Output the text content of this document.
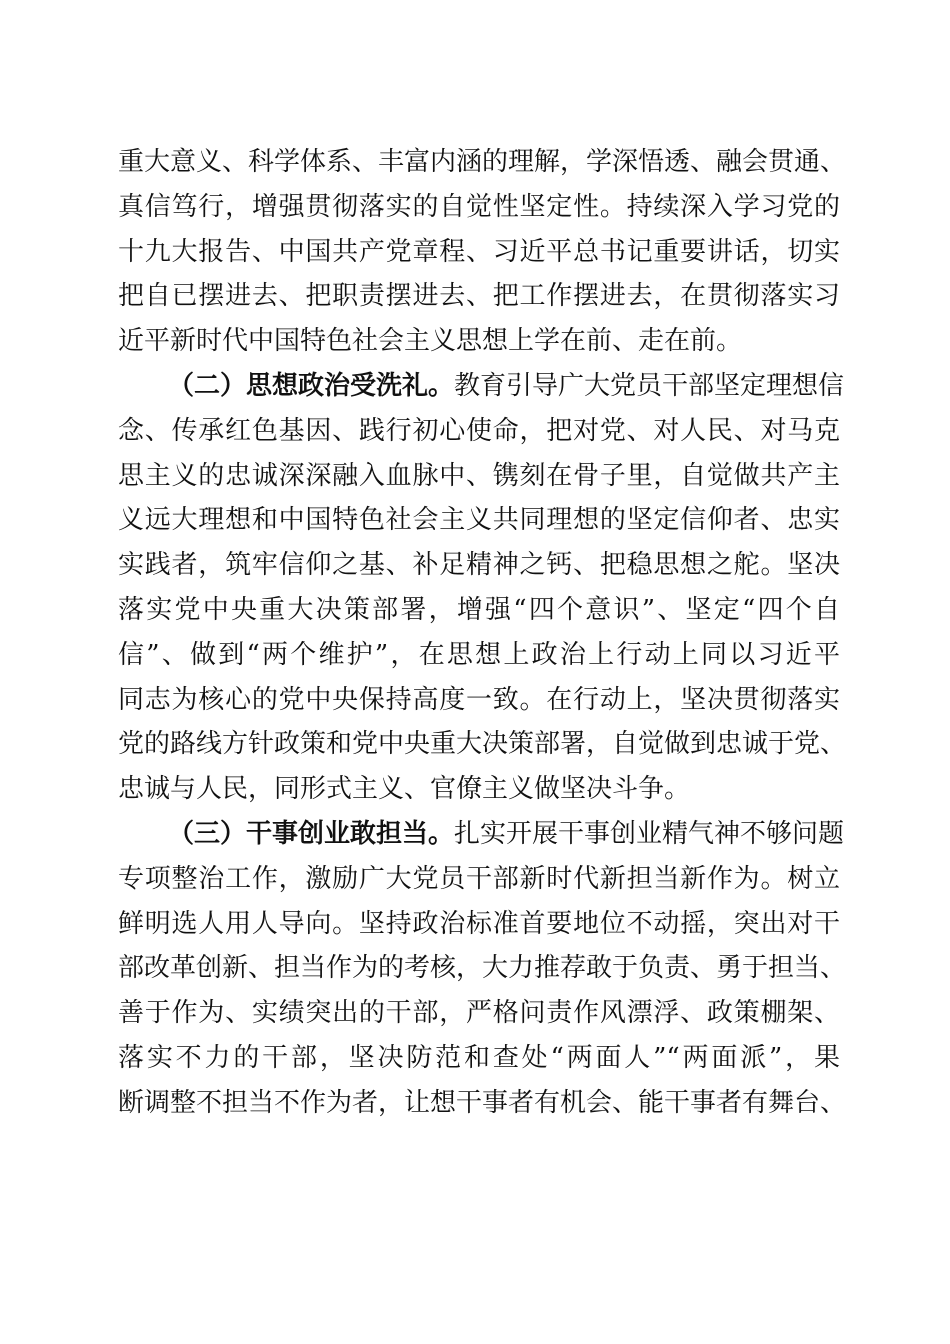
重大意义、科学体系、丰富内涵的理解，学深悟透、融会贯通、
真信笃行，增强贯彻落实的自觉性坚定性。持续深入学习党的
十九大报告、中国共产党章程、习近平总书记重要讲话，切实
把自已摆进去、把职责摆进去、把工作摆进去，在贯彻落实习
近平新时代中国特色社会主义思想上学在前、走在前。
（二）思想政治受洗礼。教育引导广大党员干部坚定理想信
念、传承红色基因、践行初心使命，把对党、对人民、对马克
思主义的忠诚深深融入血脉中、镌刻在骨子里，自觉做共产主
义远大理想和中国特色社会主义共同理想的坚定信仰者、忠实
实践者，筑牢信仰之基、补足精神之钙、把稳思想之舵。坚决
落实党中央重大决策部署，增强“四个意识”、坚定“四个自
信”、做到“两个维护”，在思想上政治上行动上同以习近平
同志为核心的党中央保持高度一致。在行动上，坚决贯彻落实
党的路线方针政策和党中央重大决策部署，自觉做到忠诚于党、
忠诚与人民，同形式主义、官僚主义做坚决斗争。
（三）干事创业敢担当。扎实开展干事创业精气神不够问题
专项整治工作，激励广大党员干部新时代新担当新作为。树立
鲜明选人用人导向。坚持政治标准首要地位不动摇，突出对干
部改革创新、担当作为的考核，大力推荐敢于负责、勇于担当、
善于作为、实绩突出的干部，严格问责作风漂浮、政策棚架、
落实不力的干部，坚决防范和查处“两面人”“两面派”，果
断调整不担当不作为者，让想干事者有机会、能干事者有舞台、
